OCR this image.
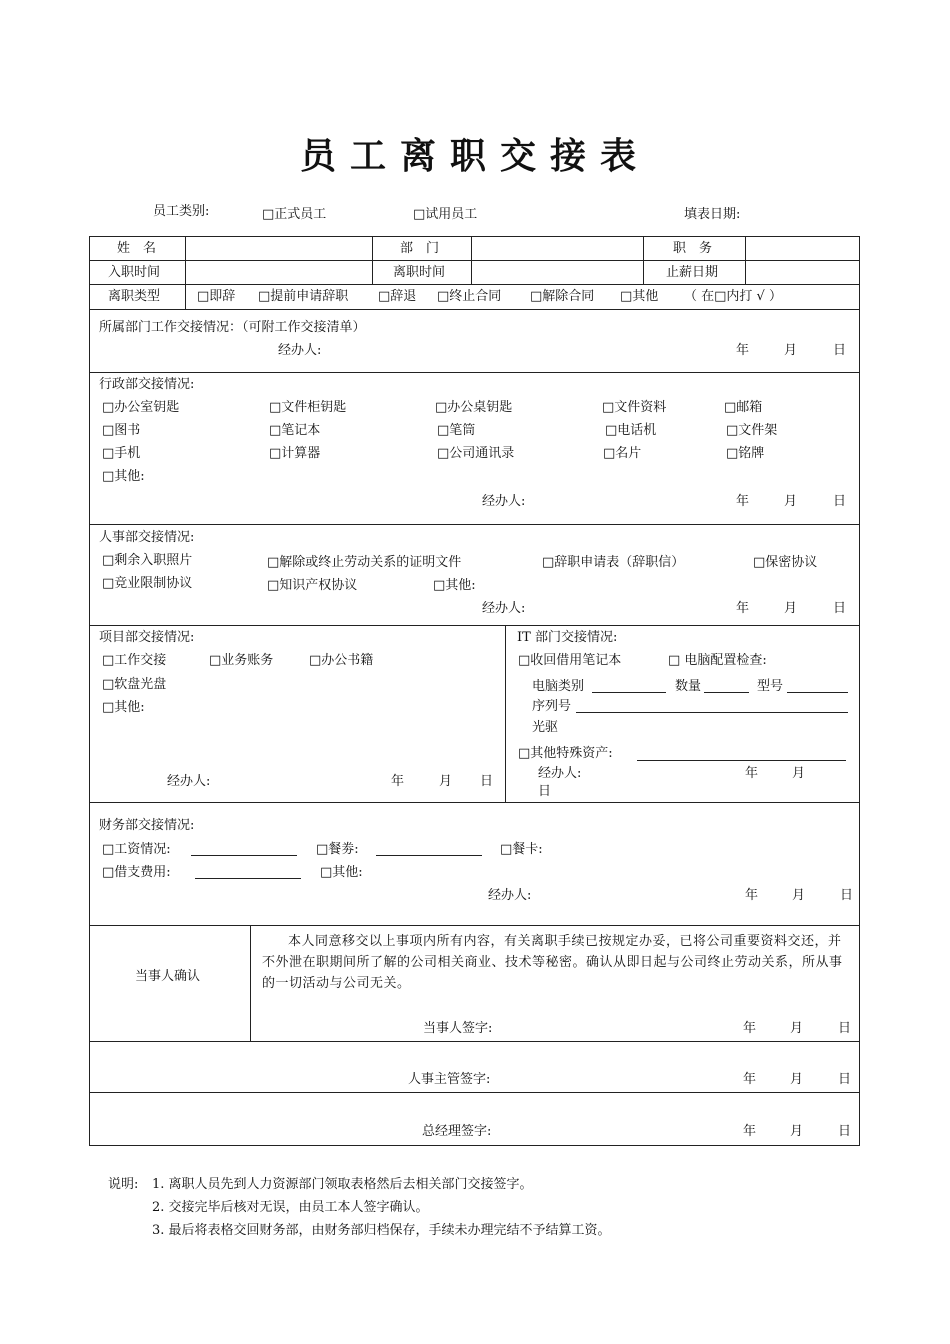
员工离职交接表
员工类别:	□正式员工	□试用员工	填表日期:
姓　名	部　门	职　务
入职时间	离职时间	止薪日期
离职类型	□即辞 □提前申请辞职 □辞退 □终止合同 □解除合同 □其他 （ 在□内打 √ ）
所属部门工作交接情况：（可附工作交接清单）
经办人:	年	月	日
行政部交接情况:
□办公室钥匙	□文件柜钥匙	□办公桌钥匙	□文件资料	□邮箱
□图书	□笔记本	□笔筒	□电话机	□文件架
□手机	□计算器	□公司通讯录	□名片	□铭牌
□其他:
经办人:	年	月	日
人事部交接情况:
□剩余入职照片	□解除或终止劳动关系的证明文件	□辞职申请表（辞职信）	□保密协议
□竞业限制协议	□知识产权协议	□其他:
经办人:	年	月	日
项目部交接情况:
□工作交接	□业务账务	□办公书籍
□软盘光盘
□其他:
经办人:	年	月 日
IT 部门交接情况:
□收回借用笔记本	□ 电脑配置检查:
电脑类别	数量	型号
序列号
光驱
□其他特殊资产:
经办人:	年	月
日
财务部交接情况:
□工资情况:	□餐劵:	□餐卡:
□借支费用:	□其他:
经办人:	年	月	日
当事人确认
本人同意移交以上事项内所有内容，有关离职手续已按规定办妥，已将公司重要资料交还，并不外泄在职期间所了解的公司相关商业、技术等秘密。确认从即日起与公司终止劳动关系，所从事的一切活动与公司无关。
当事人签字:	年	月	日
人事主管签字:	年	月	日
总经理签字:	年	月	日
说明: 1. 离职人员先到人力资源部门领取表格然后去相关部门交接签字。
2. 交接完毕后核对无误，由员工本人签字确认。
3. 最后将表格交回财务部，由财务部归档保存，手续未办理完结不予结算工资。
